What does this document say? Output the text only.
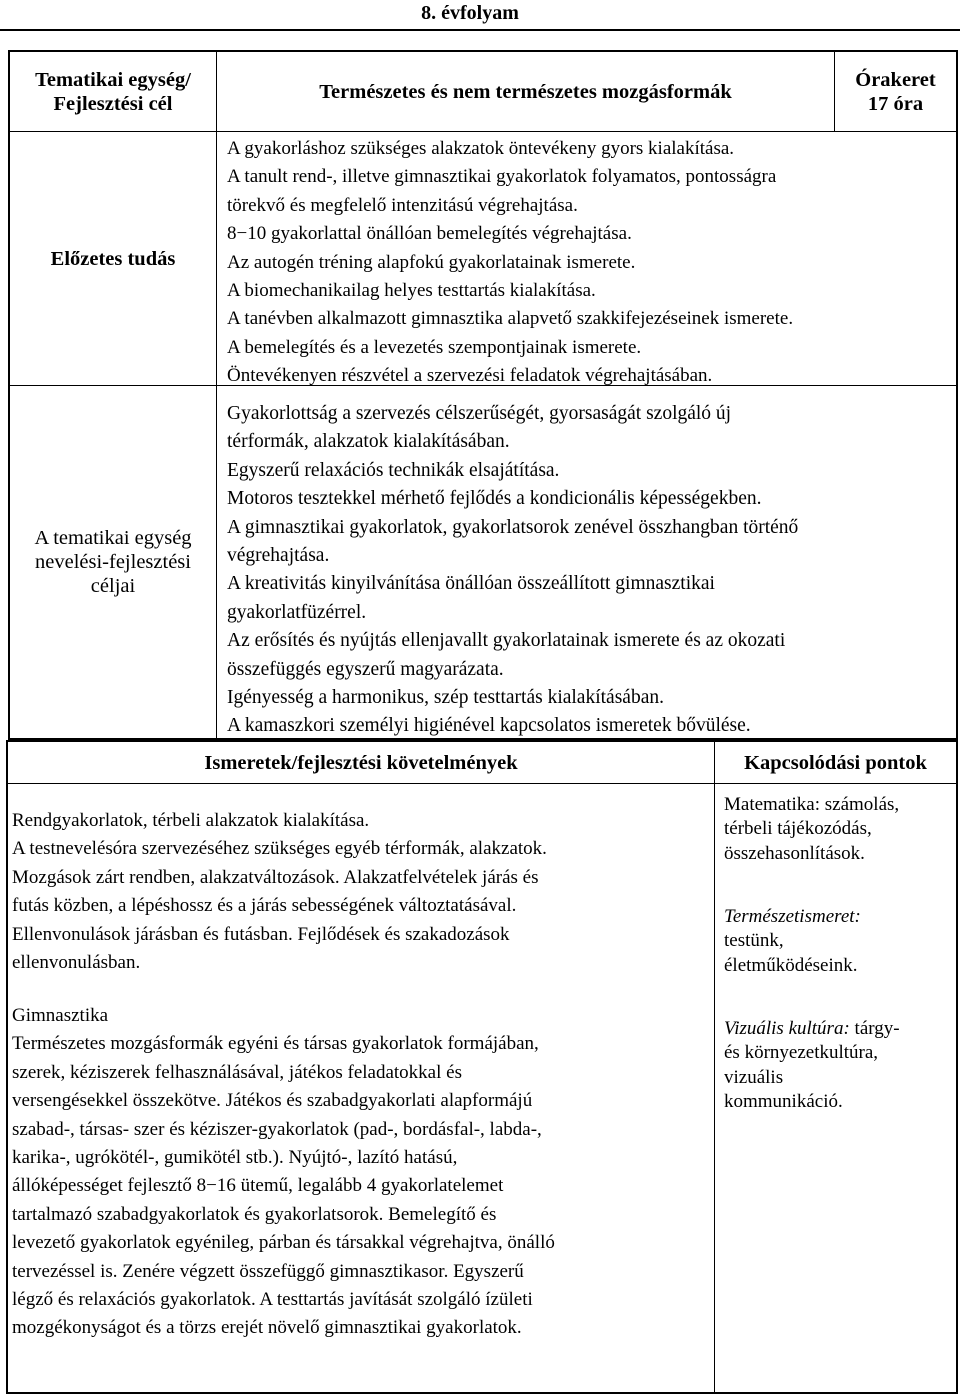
8. évfolyam
Tematikai egység/
Fejlesztési cél
Természetes és nem természetes mozgásformák
Órakeret
17 óra
Előzetes tudás
A gyakorláshoz szükséges alakzatok öntevékeny gyors kialakítása.
A tanult rend-, illetve gimnasztikai gyakorlatok folyamatos, pontosságra
törekvő és megfelelő intenzitású végrehajtása.
8−10 gyakorlattal önállóan bemelegítés végrehajtása.
Az autogén tréning alapfokú gyakorlatainak ismerete.
A biomechanikailag helyes testtartás kialakítása.
A tanévben alkalmazott gimnasztika alapvető szakkifejezéseinek ismerete.
A bemelegítés és a levezetés szempontjainak ismerete.
Öntevékenyen részvétel a szervezési feladatok végrehajtásában.
A tematikai egység
nevelési-fejlesztési
céljai
Gyakorlottság a szervezés célszerűségét, gyorsaságát szolgáló új
térformák, alakzatok kialakításában.
Egyszerű relaxációs technikák elsajátítása.
Motoros tesztekkel mérhető fejlődés a kondicionális képességekben.
A gimnasztikai gyakorlatok, gyakorlatsorok zenével összhangban történő
végrehajtása.
A kreativitás kinyilvánítása önállóan összeállított gimnasztikai
gyakorlatfüzérrel.
Az erősítés és nyújtás ellenjavallt gyakorlatainak ismerete és az okozati
összefüggés egyszerű magyarázata.
Igényesség a harmonikus, szép testtartás kialakításában.
A kamaszkori személyi higiénével kapcsolatos ismeretek bővülése.
Ismeretek/fejlesztési követelmények	Kapcsolódási pontok
Rendgyakorlatok, térbeli alakzatok kialakítása.
A testnevelésóra szervezéséhez szükséges egyéb térformák, alakzatok.
Mozgások zárt rendben, alakzatváltozások. Alakzatfelvételek járás és
futás közben, a lépéshossz és a járás sebességének változtatásával.
Ellenvonulások járásban és futásban. Fejlődések és szakadozások
ellenvonulásban.
Gimnasztika
Természetes mozgásformák egyéni és társas gyakorlatok formájában,
szerek, kéziszerek felhasználásával, játékos feladatokkal és
versengésekkel összekötve. Játékos és szabadgyakorlati alapformájú
szabad-, társas- szer és kéziszer-gyakorlatok (pad-, bordásfal-, labda-,
karika-, ugrókötél-, gumikötél stb.). Nyújtó-, lazító hatású,
állóképességet fejlesztő 8−16 ütemű, legalább 4 gyakorlatelemet
tartalmazó szabadgyakorlatok és gyakorlatsorok. Bemelegítő és
levezető gyakorlatok egyénileg, párban és társakkal végrehajtva, önálló
tervezéssel is. Zenére végzett összefüggő gimnasztikasor. Egyszerű
légző és relaxációs gyakorlatok. A testtartás javítását szolgáló ízületi
mozgékonyságot és a törzs erejét növelő gimnasztikai gyakorlatok.
Matematika: számolás,
térbeli tájékozódás,
összehasonlítások.
Természetismeret:
testünk,
életműködéseink.
Vizuális kultúra: tárgy-
és környezetkultúra,
vizuális
kommunikáció.
